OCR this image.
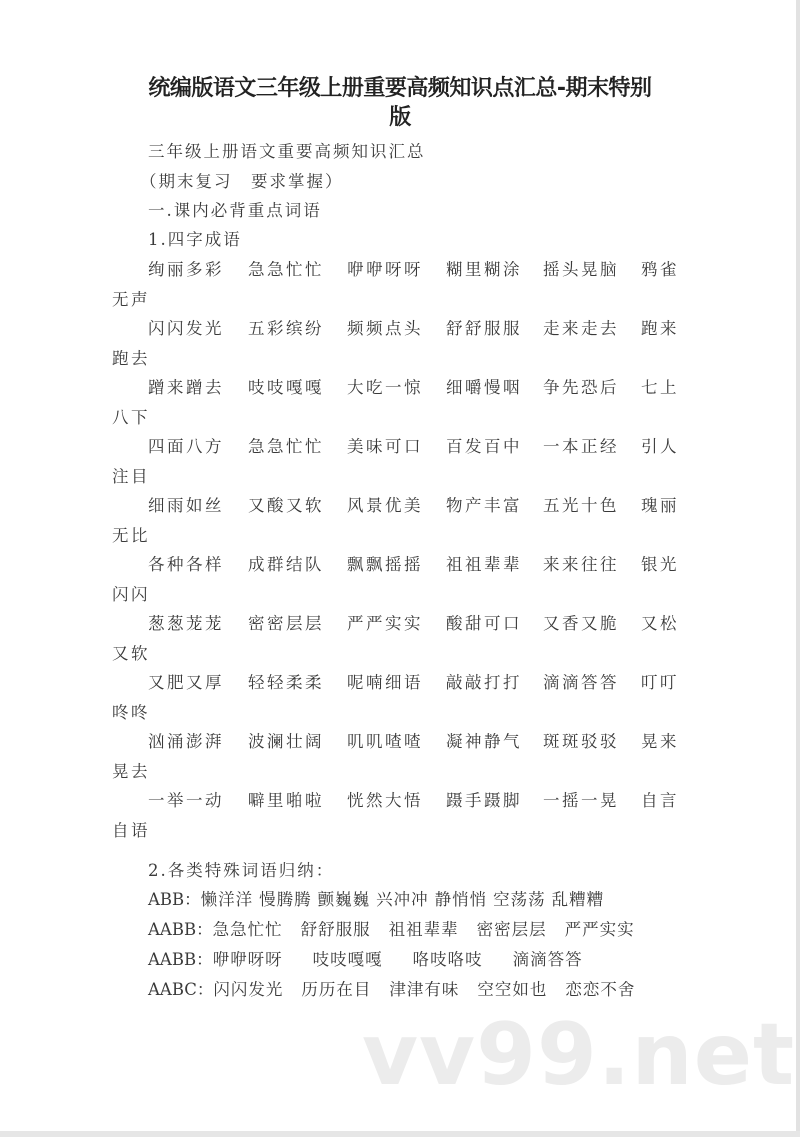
vv99.net
统编版语文三年级上册重要高频知识点汇总-期末特别
版
三年级上册语文重要高频知识汇总
（期末复习　要求掌握）
一.课内必背重点词语
1.四字成语
绚丽多彩 急急忙忙 咿咿呀呀 糊里糊涂 摇头晃脑 鸦雀
无声
闪闪发光 五彩缤纷 频频点头 舒舒服服 走来走去 跑来
跑去
蹭来蹭去 吱吱嘎嘎 大吃一惊 细嚼慢咽 争先恐后 七上
八下
四面八方 急急忙忙 美味可口 百发百中 一本正经 引人
注目
细雨如丝 又酸又软 风景优美 物产丰富 五光十色 瑰丽
无比
各种各样 成群结队 飘飘摇摇 祖祖辈辈 来来往往 银光
闪闪
葱葱茏茏 密密层层 严严实实 酸甜可口 又香又脆 又松
又软
又肥又厚 轻轻柔柔 呢喃细语 敲敲打打 滴滴答答 叮叮
咚咚
汹涌澎湃 波澜壮阔 叽叽喳喳 凝神静气 斑斑驳驳 晃来
晃去
一举一动 噼里啪啦 恍然大悟 蹑手蹑脚 一摇一晃 自言
自语
2.各类特殊词语归纳：
ABB：懒洋洋 慢腾腾 颤巍巍 兴冲冲 静悄悄 空荡荡 乱糟糟
AABB：急急忙忙 舒舒服服 祖祖辈辈 密密层层 严严实实
AABB：咿咿呀呀 吱吱嘎嘎 咯吱咯吱 滴滴答答
AABC：闪闪发光 历历在目 津津有味 空空如也 恋恋不舍
